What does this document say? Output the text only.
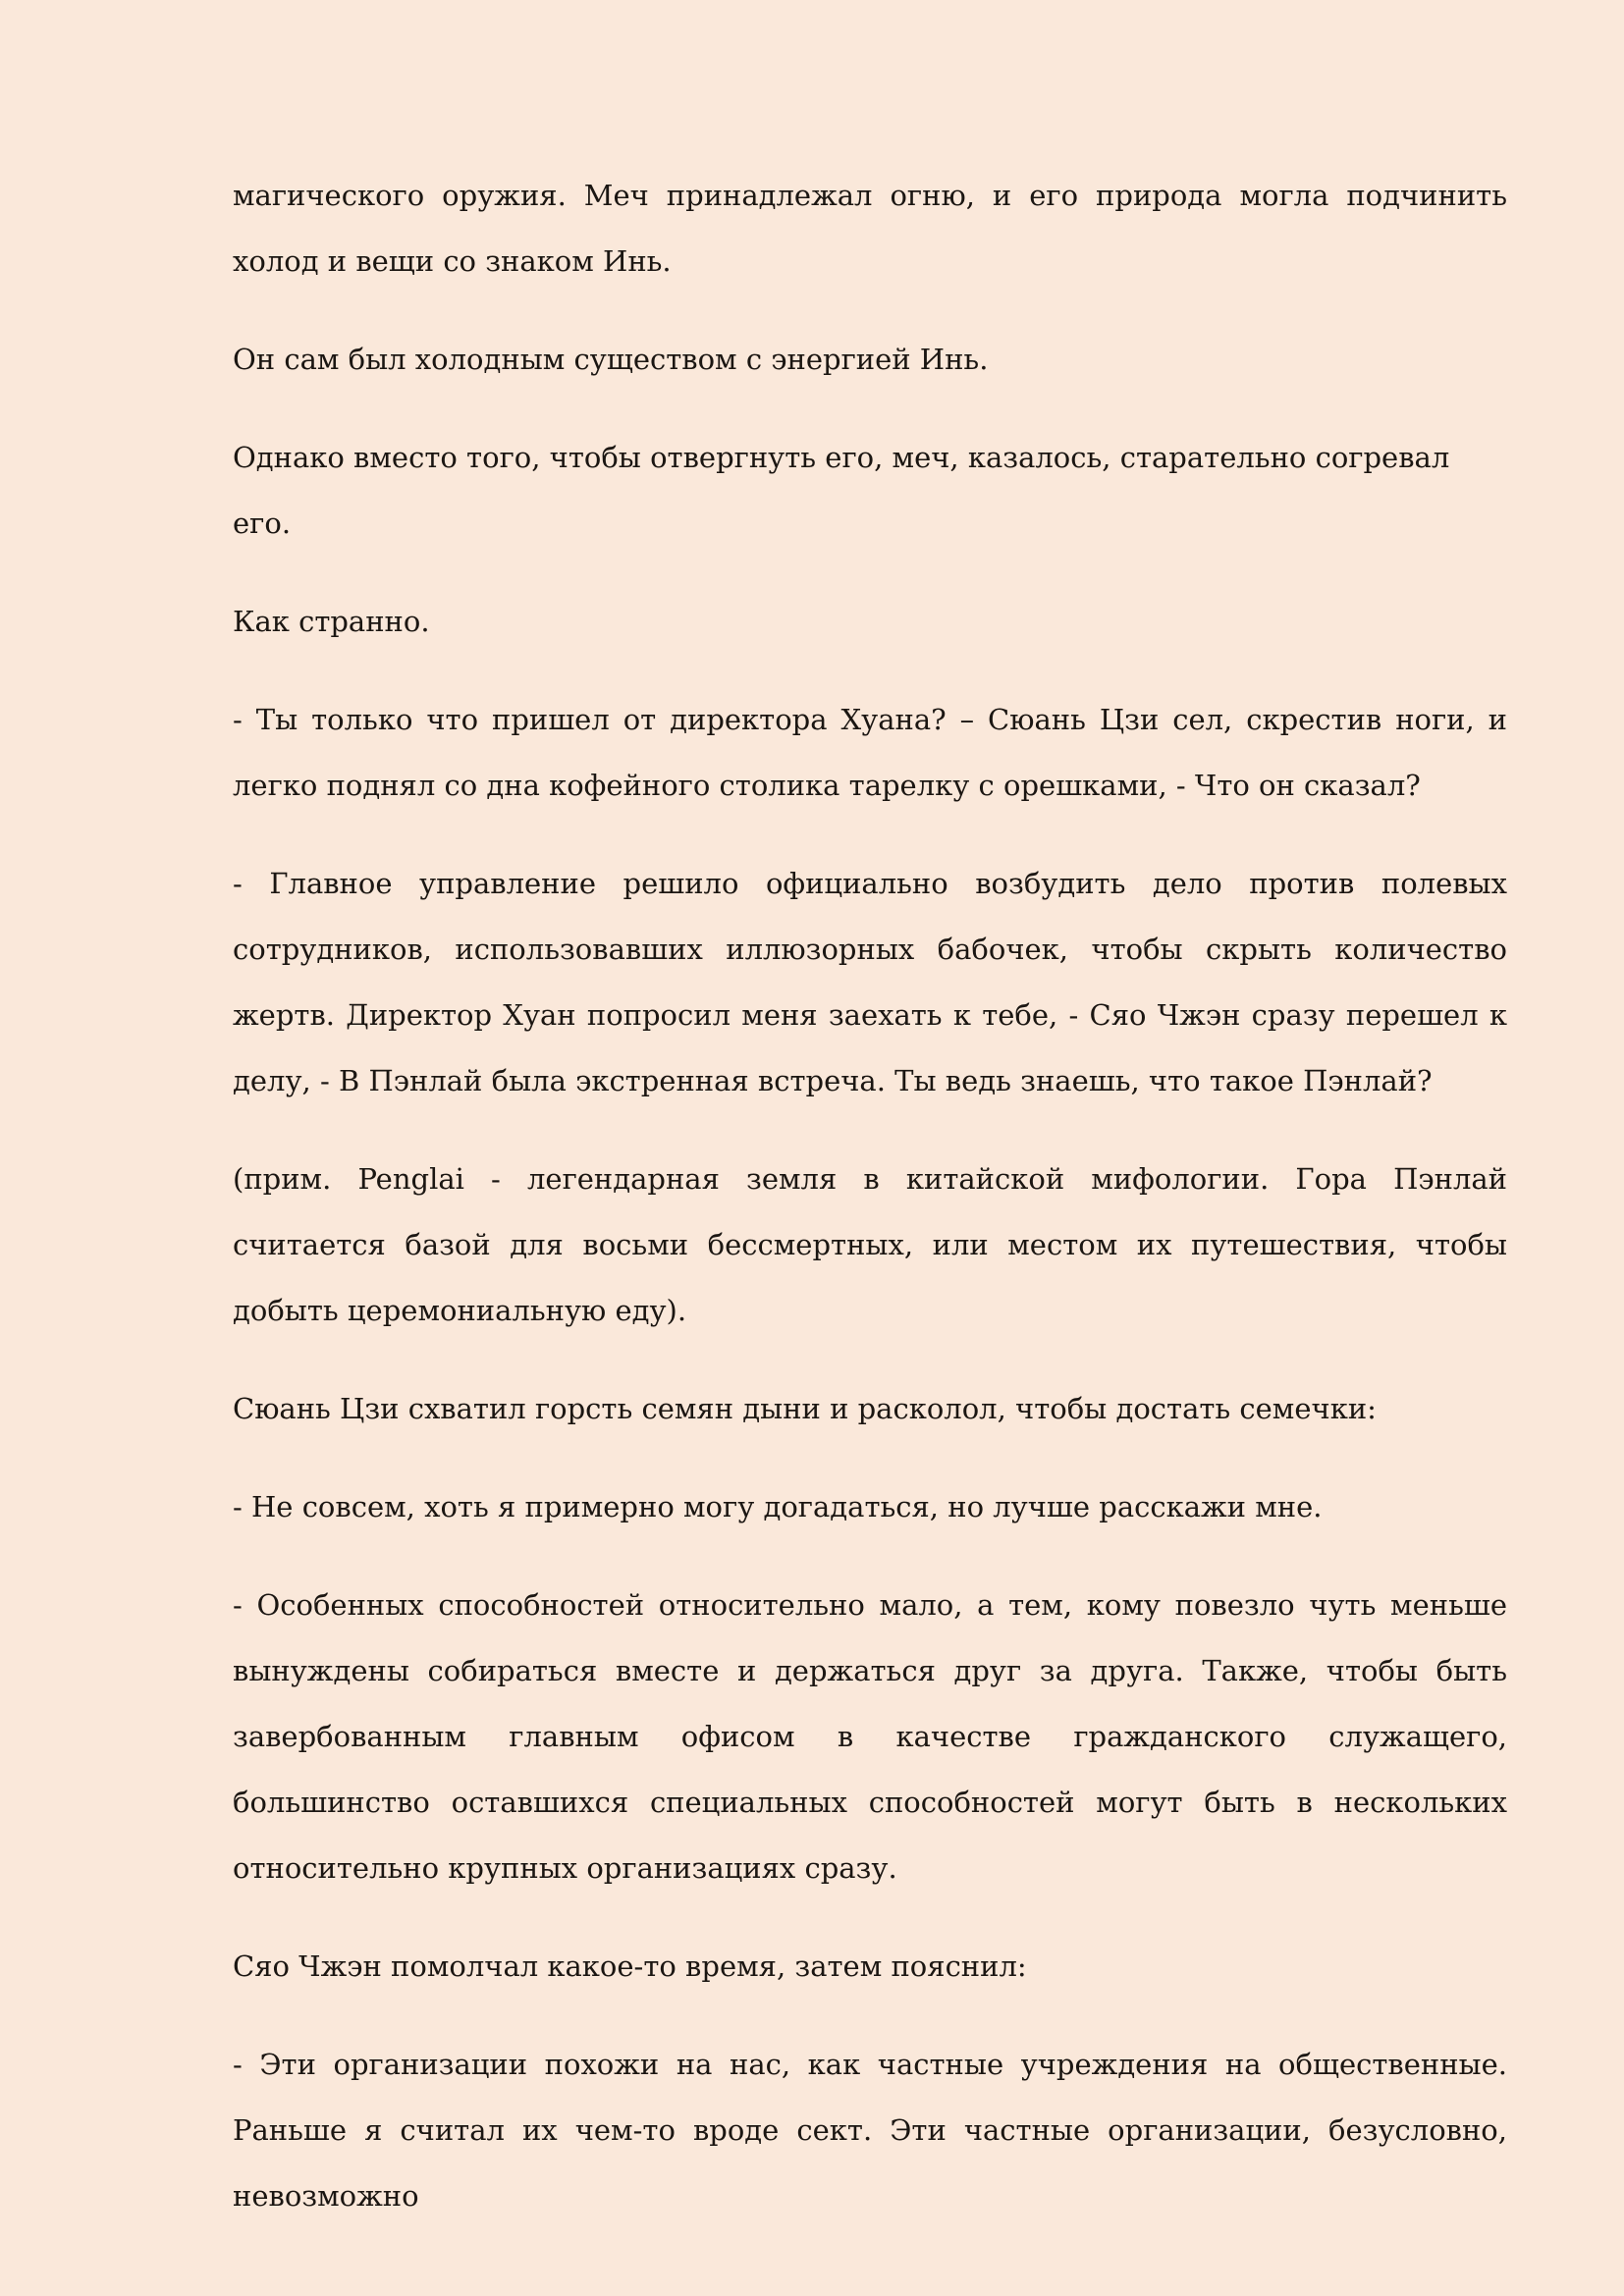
магического оружия. Меч принадлежал огню, и его природа могла подчинить холод и вещи со знаком Инь.

Он сам был холодным существом с энергией Инь.

Однако вместо того, чтобы отвергнуть его, меч, казалось, старательно согревал его.

Как странно.

- Ты только что пришел от директора Хуана? – Сюань Цзи сел, скрестив ноги, и легко поднял со дна кофейного столика тарелку с орешками, - Что он сказал?

- Главное управление решило официально возбудить дело против полевых сотрудников, использовавших иллюзорных бабочек, чтобы скрыть количество жертв. Директор Хуан попросил меня заехать к тебе, - Сяо Чжэн сразу перешел к делу, - В Пэнлай была экстренная встреча. Ты ведь знаешь, что такое Пэнлай?

(прим. Penglai - легендарная земля в китайской мифологии. Гора Пэнлай считается базой для восьми бессмертных, или местом их путешествия, чтобы добыть церемониальную еду).

Сюань Цзи схватил горсть семян дыни и расколол, чтобы достать семечки:

- Не совсем, хоть я примерно могу догадаться, но лучше расскажи мне.

- Особенных способностей относительно мало, а тем, кому повезло чуть меньше вынуждены собираться вместе и держаться друг за друга. Также, чтобы быть завербованным главным офисом в качестве гражданского служащего, большинство оставшихся специальных способностей могут быть в нескольких относительно крупных организациях сразу.

Сяо Чжэн помолчал какое-то время, затем пояснил:

- Эти организации похожи на нас, как частные учреждения на общественные. Раньше я считал их чем-то вроде сект. Эти частные организации, безусловно, невозможно
